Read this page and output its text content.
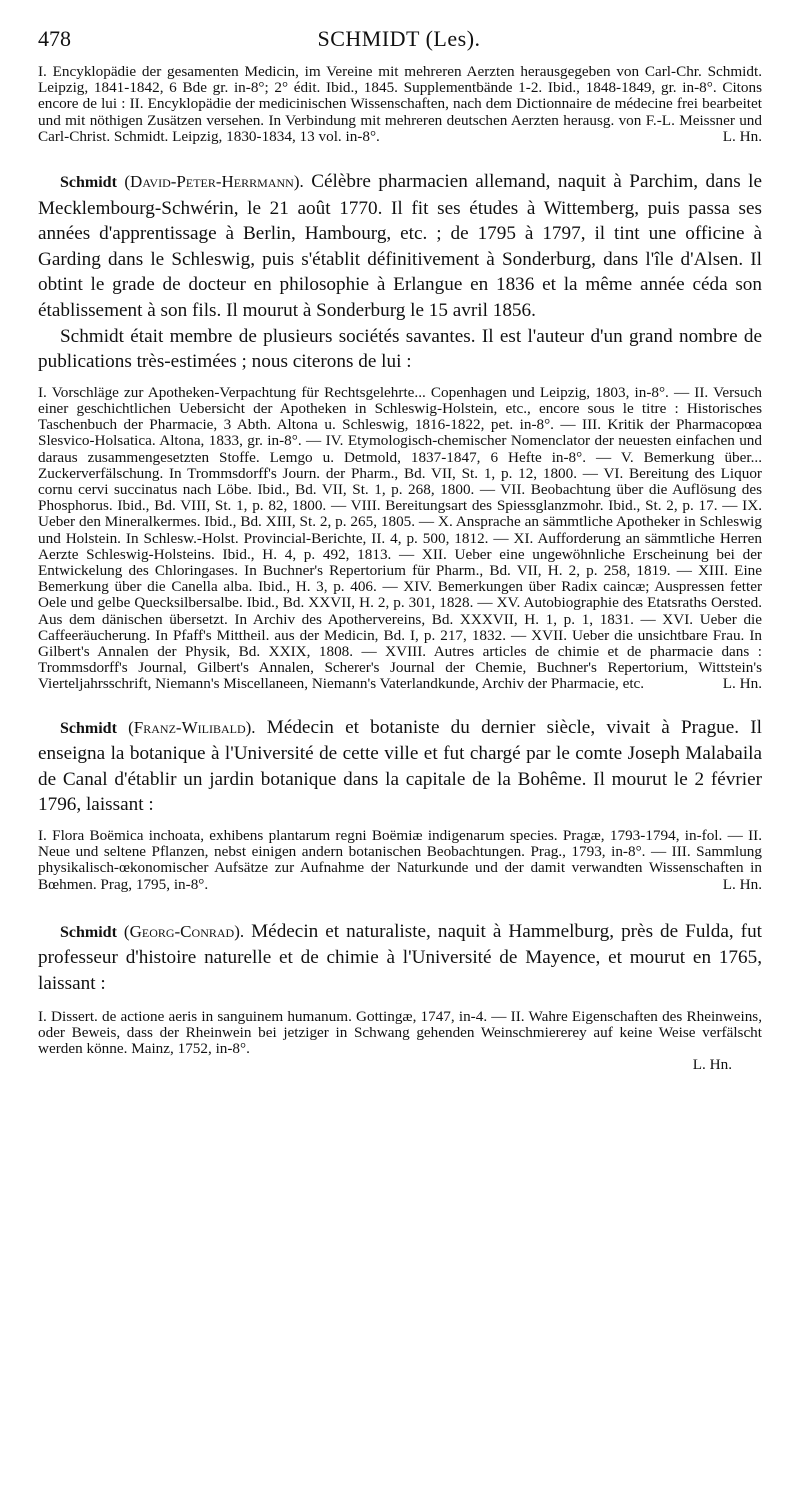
478	SCHMIDT (Les).

I. Encyklopädie der gesamenten Medicin, im Vereine mit mehreren Aerzten herausgegeben von Carl-Chr. Schmidt. Leipzig, 1841-1842, 6 Bde gr. in-8°; 2° édit. Ibid., 1845. Supplementbände 1-2. Ibid., 1848-1849, gr. in-8°. Citons encore de lui : II. Encyklopädie der medicinischen Wissenschaften, nach dem Dictionnaire de médecine frei bearbeitet und mit nöthigen Zusätzen versehen. In Verbindung mit mehreren deutschen Aerzten herausg. von F.-L. Meissner und Carl-Christ. Schmidt. Leipzig, 1830-1834, 13 vol. in-8°.	L. Hn.

Schmidt (David-Peter-Herrmann). Célèbre pharmacien allemand, naquit à Parchim, dans le Mecklembourg-Schwérin, le 21 août 1770. Il fit ses études à Wittemberg, puis passa ses années d'apprentissage à Berlin, Hambourg, etc. ; de 1795 à 1797, il tint une officine à Garding dans le Schleswig, puis s'établit définitivement à Sonderburg, dans l'île d'Alsen. Il obtint le grade de docteur en philosophie à Erlangue en 1836 et la même année céda son établissement à son fils. Il mourut à Sonderburg le 15 avril 1856.

Schmidt était membre de plusieurs sociétés savantes. Il est l'auteur d'un grand nombre de publications très-estimées ; nous citerons de lui :

I. Vorschläge zur Apotheken-Verpachtung für Rechtsgelehrte... Copenhagen und Leipzig, 1803, in-8°. — II. Versuch einer geschichtlichen Uebersicht der Apotheken in Schleswig-Holstein, etc., encore sous le titre : Historisches Taschenbuch der Pharmacie, 3 Abth. Altona u. Schleswig, 1816-1822, pet. in-8°. — III. Kritik der Pharmacopœa Slesvico-Holsatica. Altona, 1833, gr. in-8°. — IV. Etymologisch-chemischer Nomenclator der neuesten einfachen und daraus zusammengesetzten Stoffe. Lemgo u. Detmold, 1837-1847, 6 Hefte in-8°. — V. Bemerkung über... Zuckerverfälschung. In Trommsdorff's Journ. der Pharm., Bd. VII, St. 1, p. 12, 1800. — VI. Bereitung des Liquor cornu cervi succinatus nach Löbe. Ibid., Bd. VII, St. 1, p. 268, 1800. — VII. Beobachtung über die Auflösung des Phosphorus. Ibid., Bd. VIII, St. 1, p. 82, 1800. — VIII. Bereitungsart des Spiessglanzmohr. Ibid., St. 2, p. 17. — IX. Ueber den Mineralkermes. Ibid., Bd. XIII, St. 2, p. 265, 1805. — X. Ansprache an sämmtliche Apotheker in Schleswig und Holstein. In Schlesw.-Holst. Provincial-Berichte, II. 4, p. 500, 1812. — XI. Aufforderung an sämmtliche Herren Aerzte Schleswig-Holsteins. Ibid., H. 4, p. 492, 1813. — XII. Ueber eine ungewöhnliche Erscheinung bei der Entwickelung des Chloringases. In Buchner's Repertorium für Pharm., Bd. VII, H. 2, p. 258, 1819. — XIII. Eine Bemerkung über die Canella alba. Ibid., H. 3, p. 406. — XIV. Bemerkungen über Radix caincæ; Auspressen fetter Oele und gelbe Quecksilbersalbe. Ibid., Bd. XXVII, H. 2, p. 301, 1828. — XV. Autobiographie des Etatsraths Oersted. Aus dem dänischen übersetzt. In Archiv des Apothervereins, Bd. XXXVII, H. 1, p. 1, 1831. — XVI. Ueber die Caffeeräucherung. In Pfaff's Mittheil. aus der Medicin, Bd. I, p. 217, 1832. — XVII. Ueber die unsichtbare Frau. In Gilbert's Annalen der Physik, Bd. XXIX, 1808. — XVIII. Autres articles de chimie et de pharmacie dans : Trommsdorff's Journal, Gilbert's Annalen, Scherer's Journal der Chemie, Buchner's Repertorium, Wittstein's Vierteljahrsschrift, Niemann's Miscellaneen, Niemann's Vaterlandkunde, Archiv der Pharmacie, etc.	L. Hn.

Schmidt (Franz-Wilibald). Médecin et botaniste du dernier siècle, vivait à Prague. Il enseigna la botanique à l'Université de cette ville et fut chargé par le comte Joseph Malabaila de Canal d'établir un jardin botanique dans la capitale de la Bohême. Il mourut le 2 février 1796, laissant :

I. Flora Boëmica inchoata, exhibens plantarum regni Boëmiæ indigenarum species. Pragæ, 1793-1794, in-fol. — II. Neue und seltene Pflanzen, nebst einigen andern botanischen Beobachtungen. Prag., 1793, in-8°. — III. Sammlung physikalisch-œkonomischer Aufsätze zur Aufnahme der Naturkunde und der damit verwandten Wissenschaften in Bœhmen. Prag, 1795, in-8°.	L. Hn.

Schmidt (Georg-Conrad). Médecin et naturaliste, naquit à Hammelburg, près de Fulda, fut professeur d'histoire naturelle et de chimie à l'Université de Mayence, et mourut en 1765, laissant :

I. Dissert. de actione aeris in sanguinem humanum. Gottingæ, 1747, in-4. — II. Wahre Eigenschaften des Rheinweins, oder Beweis, dass der Rheinwein bei jetziger in Schwang gehenden Weinschmiererey auf keine Weise verfälscht werden könne. Mainz, 1752, in-8°.

L. Hn.
